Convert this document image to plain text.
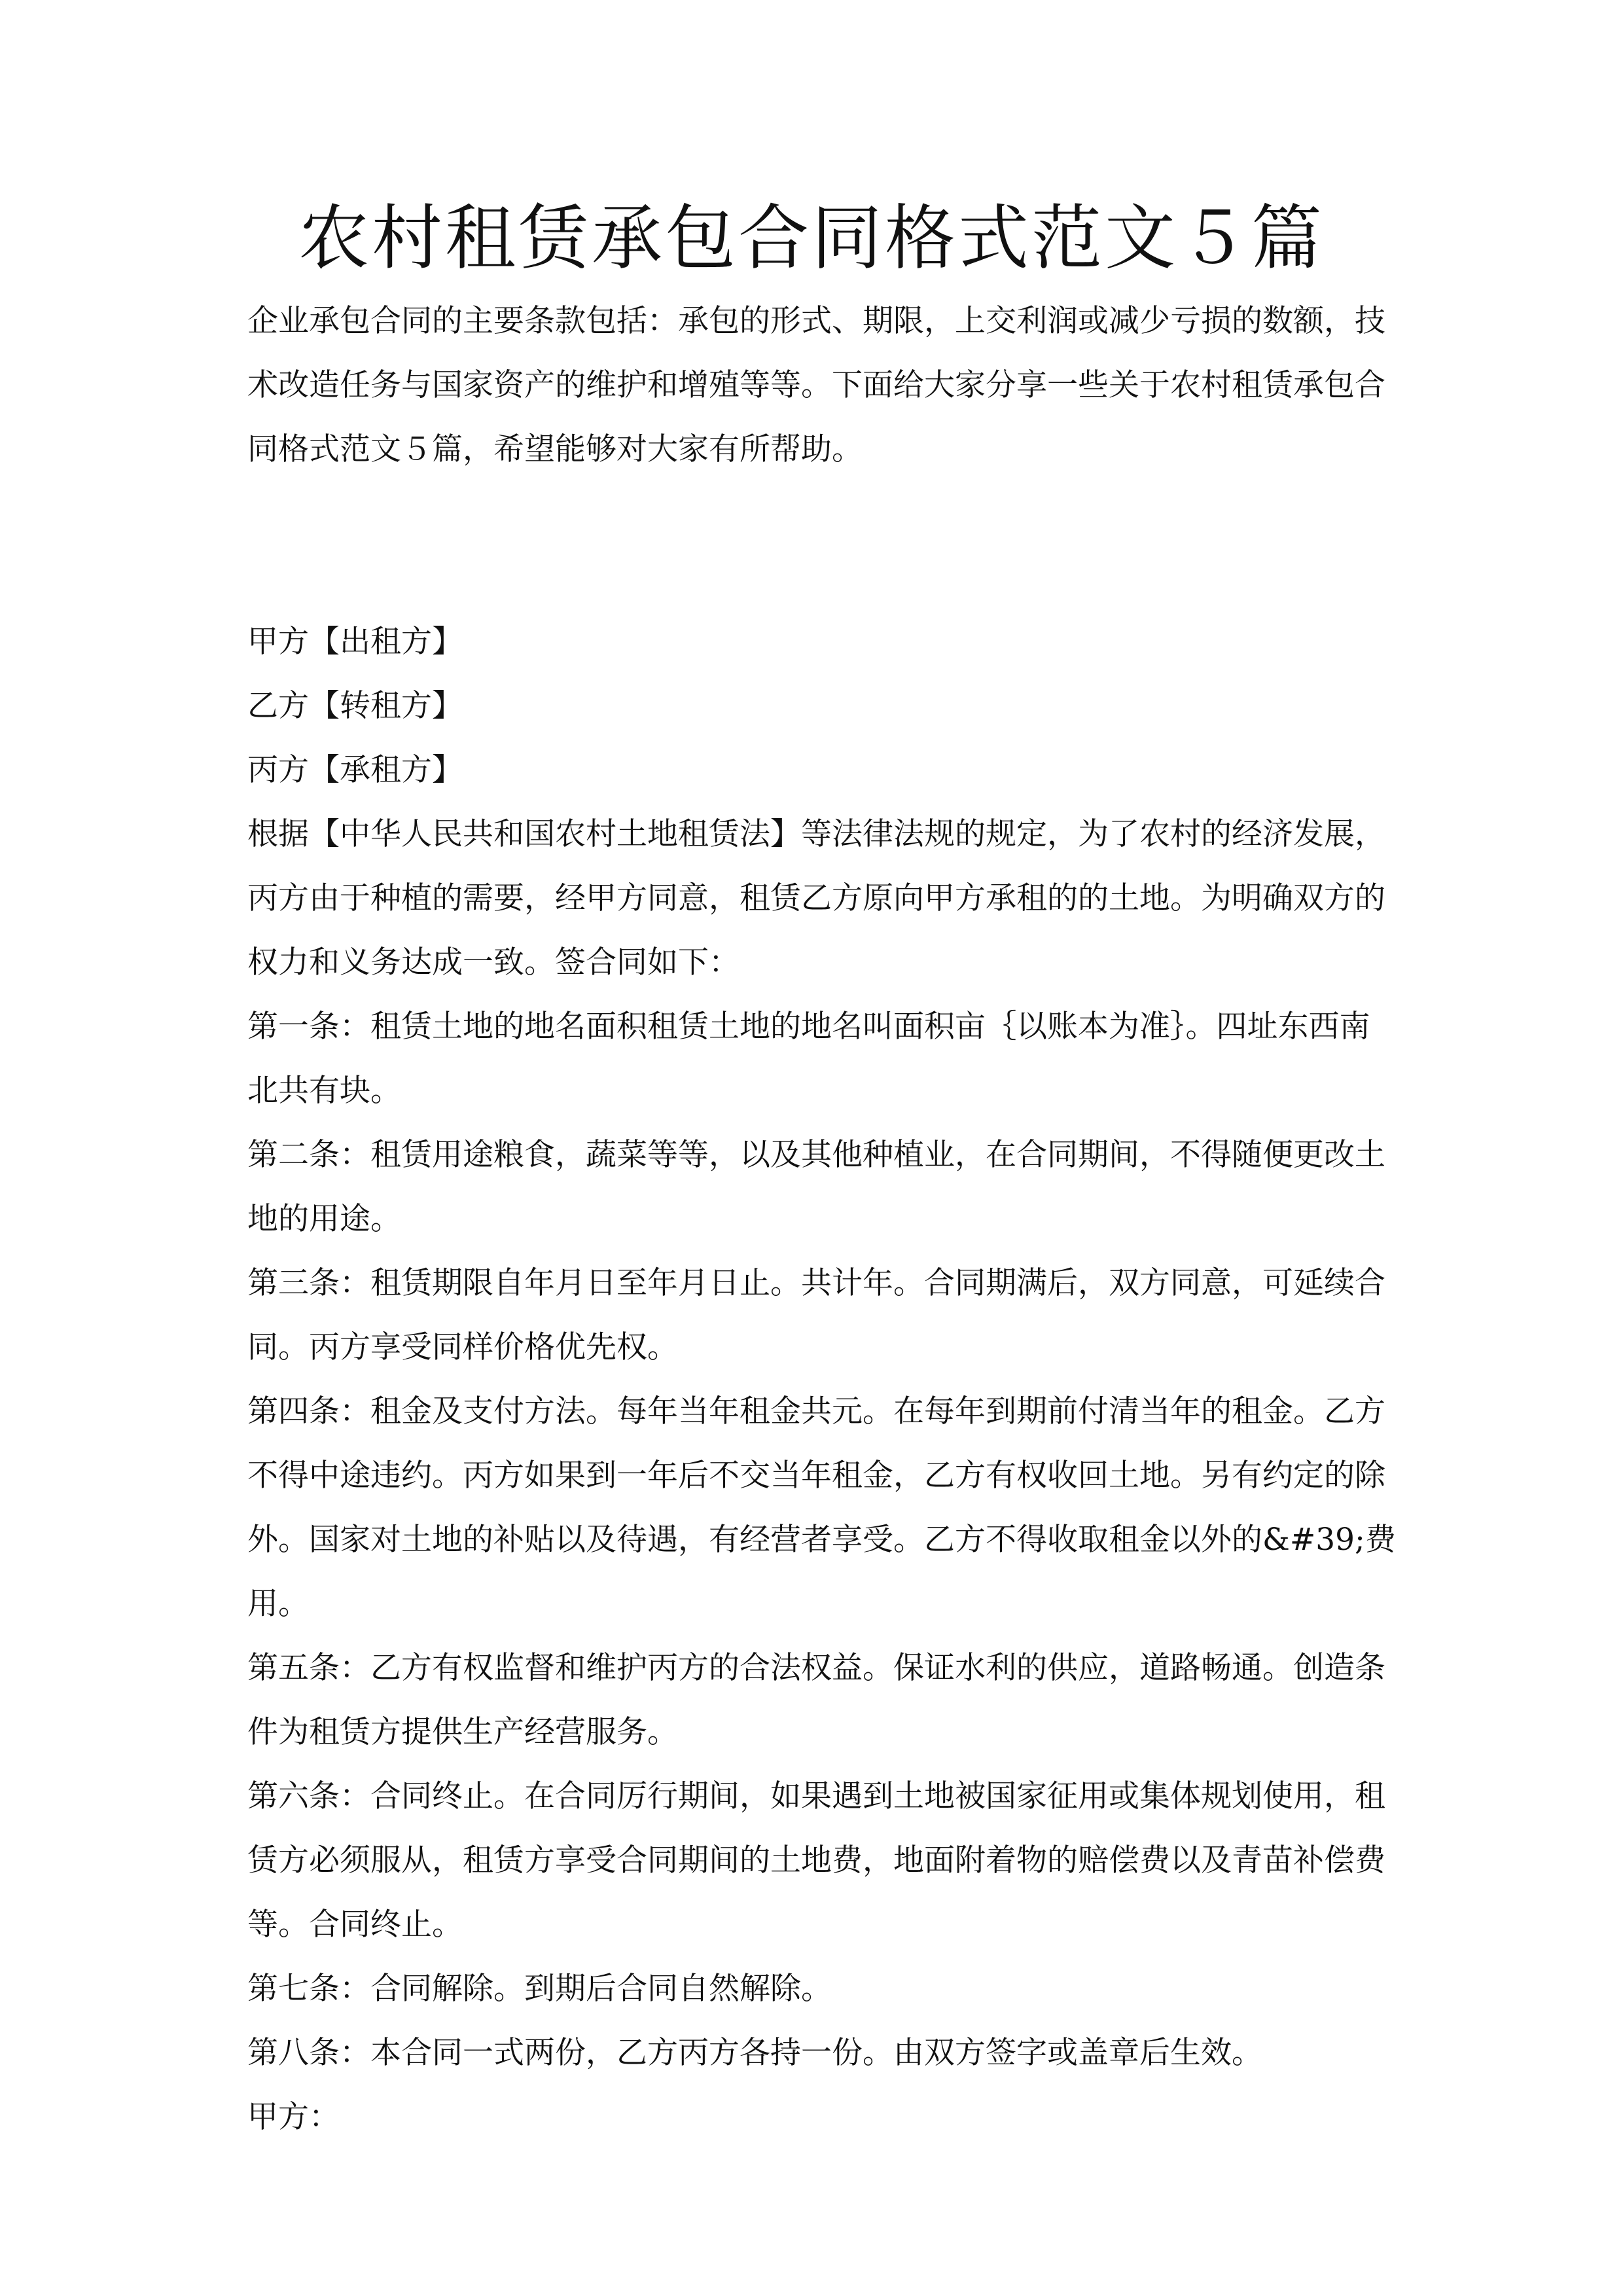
农村租赁承包合同格式范文５篇

企业承包合同的主要条款包括：承包的形式、期限，上交利润或减少亏损的数额，技术改造任务与国家资产的维护和增殖等等。下面给大家分享一些关于农村租赁承包合同格式范文５篇，希望能够对大家有所帮助。

甲方【出租方】

乙方【转租方】

丙方【承租方】

根据【中华人民共和国农村土地租赁法】等法律法规的规定，为了农村的经济发展，丙方由于种植的需要，经甲方同意，租赁乙方原向甲方承租的的土地。为明确双方的权力和义务达成一致。签合同如下：

第一条：租赁土地的地名面积租赁土地的地名叫面积亩｛以账本为准｝。四址东西南北共有块。

第二条：租赁用途粮食，蔬菜等等，以及其他种植业，在合同期间，不得随便更改土地的用途。

第三条：租赁期限自年月日至年月日止。共计年。合同期满后，双方同意，可延续合同。丙方享受同样价格优先权。

第四条：租金及支付方法。每年当年租金共元。在每年到期前付清当年的租金。乙方不得中途违约。丙方如果到一年后不交当年租金，乙方有权收回土地。另有约定的除外。国家对土地的补贴以及待遇，有经营者享受。乙方不得收取租金以外的&#39;费用。

第五条：乙方有权监督和维护丙方的合法权益。保证水利的供应，道路畅通。创造条件为租赁方提供生产经营服务。

第六条：合同终止。在合同厉行期间，如果遇到土地被国家征用或集体规划使用，租赁方必须服从，租赁方享受合同期间的土地费，地面附着物的赔偿费以及青苗补偿费等。合同终止。

第七条：合同解除。到期后合同自然解除。

第八条：本合同一式两份，乙方丙方各持一份。由双方签字或盖章后生效。

甲方：
